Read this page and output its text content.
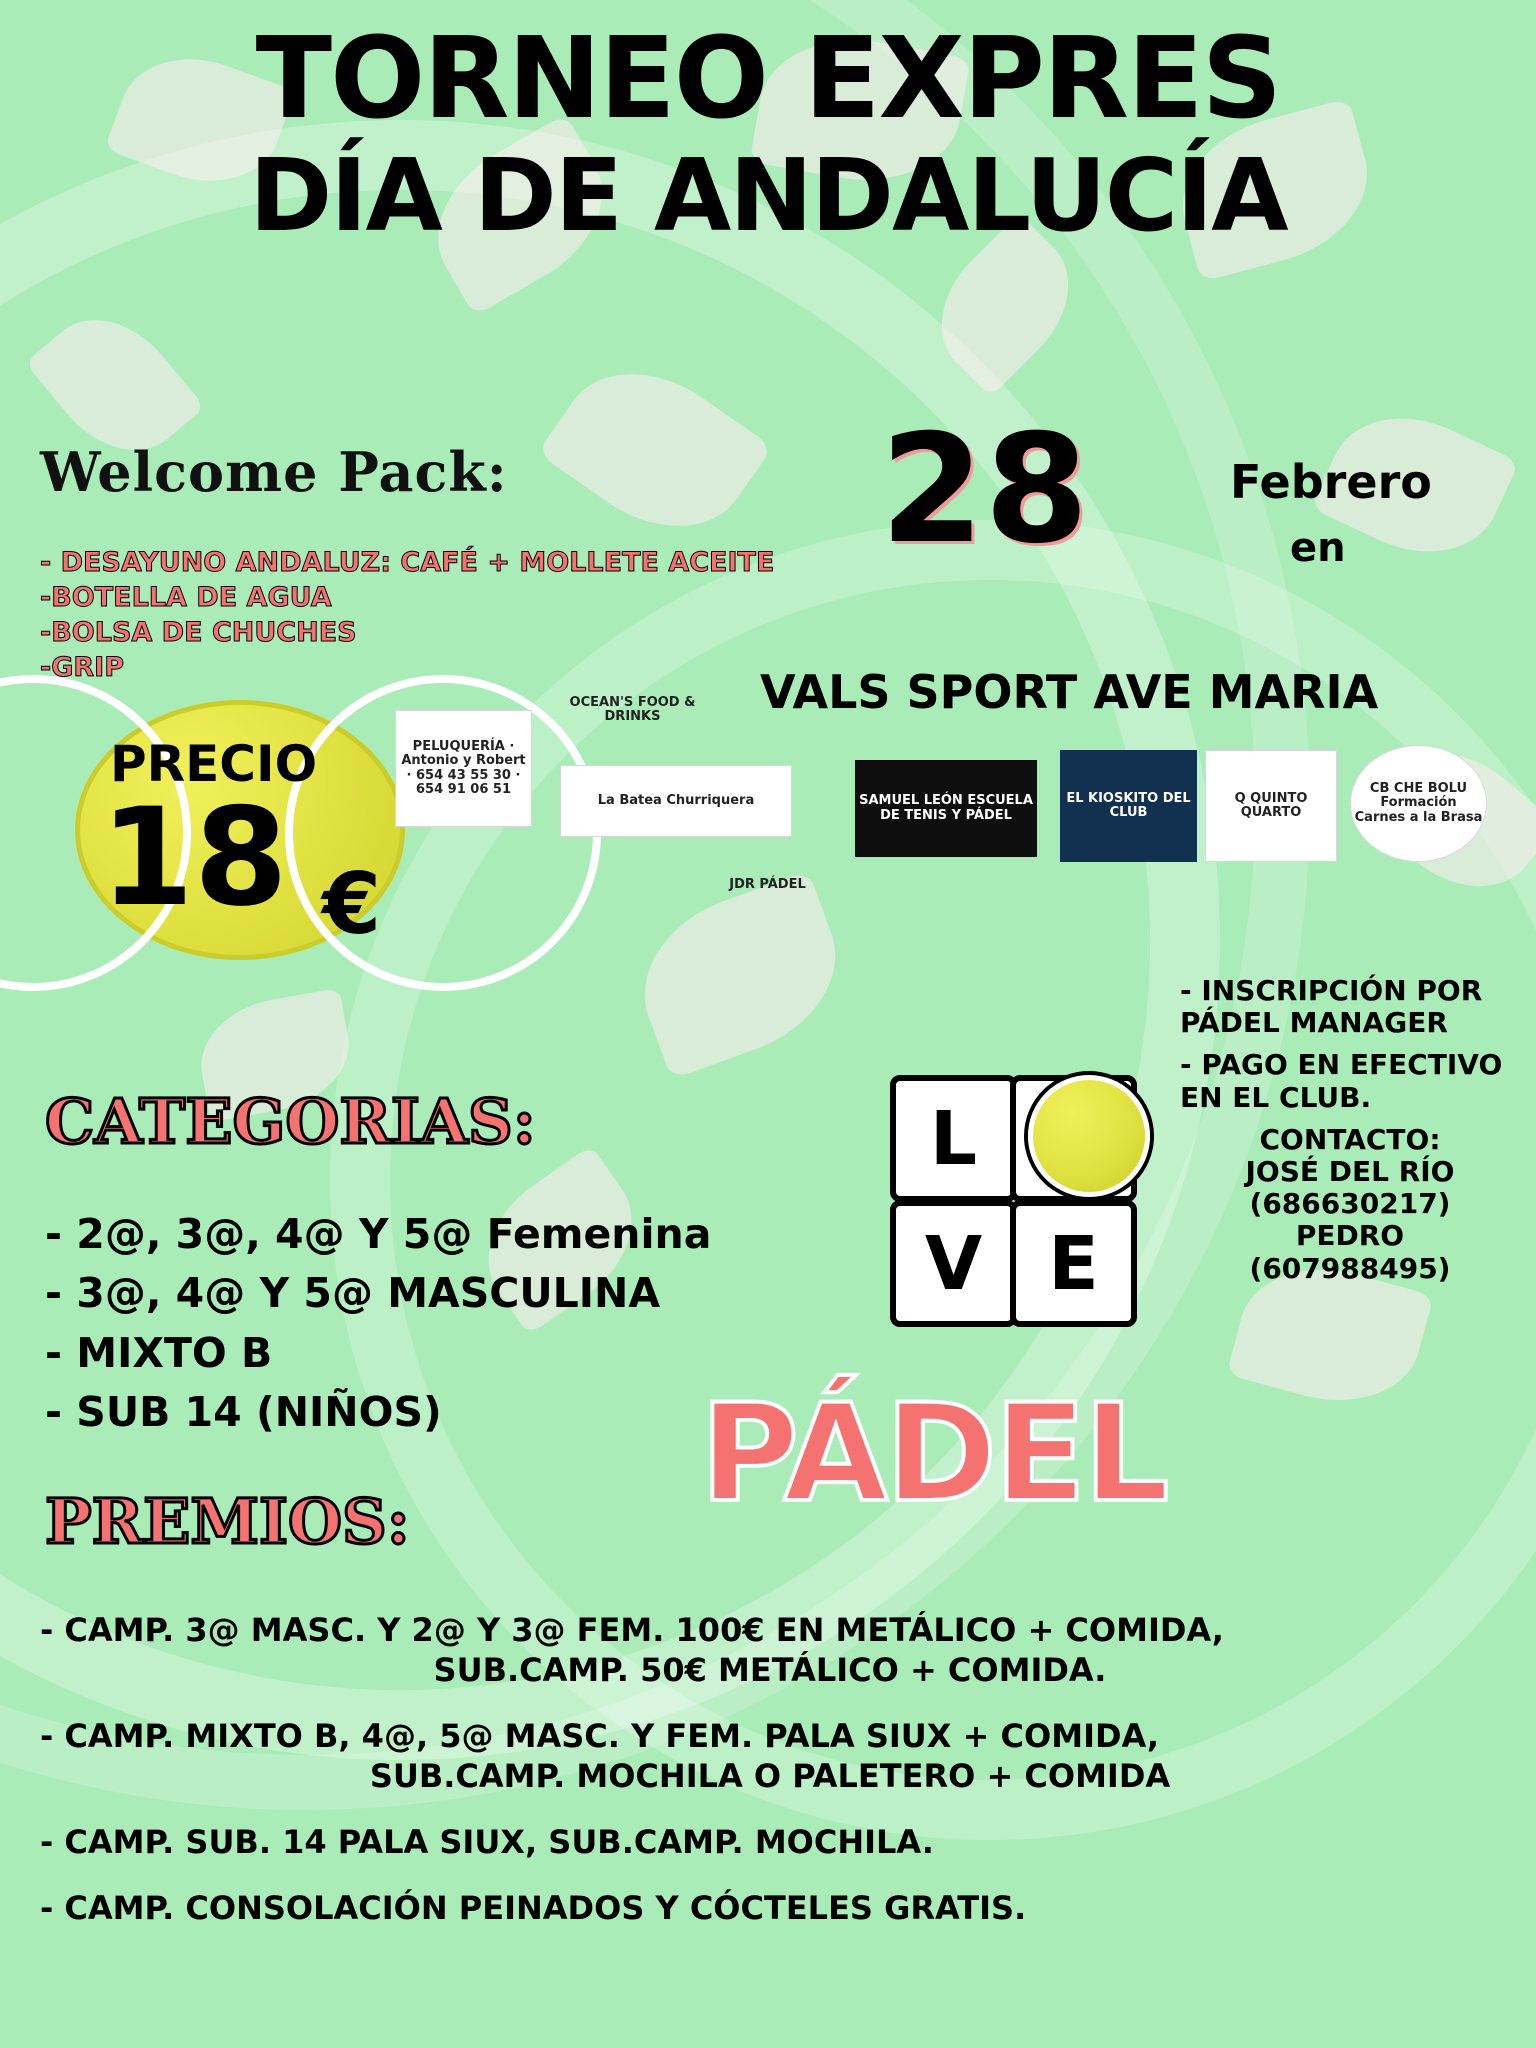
TORNEO EXPRES
DÍA DE ANDALUCÍA
Welcome Pack:
- DESAYUNO ANDALUZ: CAFÉ + MOLLETE ACEITE
-BOTELLA DE AGUA
-BOLSA DE CHUCHES
-GRIP
28	Febrero
en
VALS SPORT AVE MARIA
PRECIO
18 €
PELUQUERÍA · Antonio y Robert · 654 43 55 30 · 654 91 06 51
OCEAN'S FOOD & DRINKS
La Batea Churriquera
JDR PÁDEL
SAMUEL LEÓN ESCUELA DE TENIS Y PÁDEL
EL KIOSKITO DEL CLUB
Q QUINTO QUARTO
CB CHE BOLU Formación Carnes a la Brasa
- INSCRIPCIÓN POR PÁDEL MANAGER
- PAGO EN EFECTIVO EN EL CLUB.
CONTACTO:
JOSÉ DEL RÍO
(686630217)
PEDRO
(607988495)
CATEGORIAS:
- 2@, 3@, 4@ Y 5@ Femenina
- 3@, 4@ Y 5@ MASCULINA
- MIXTO B
- SUB 14 (NIÑOS)
L
V E
PÁDEL
PREMIOS:
- CAMP. 3@ MASC. Y 2@ Y 3@ FEM. 100€ EN METÁLICO + COMIDA,
SUB.CAMP. 50€ METÁLICO + COMIDA.
- CAMP. MIXTO B, 4@, 5@ MASC. Y FEM. PALA SIUX + COMIDA,
SUB.CAMP. MOCHILA O PALETERO + COMIDA
- CAMP. SUB. 14 PALA SIUX, SUB.CAMP. MOCHILA.
- CAMP. CONSOLACIÓN PEINADOS Y CÓCTELES GRATIS.
